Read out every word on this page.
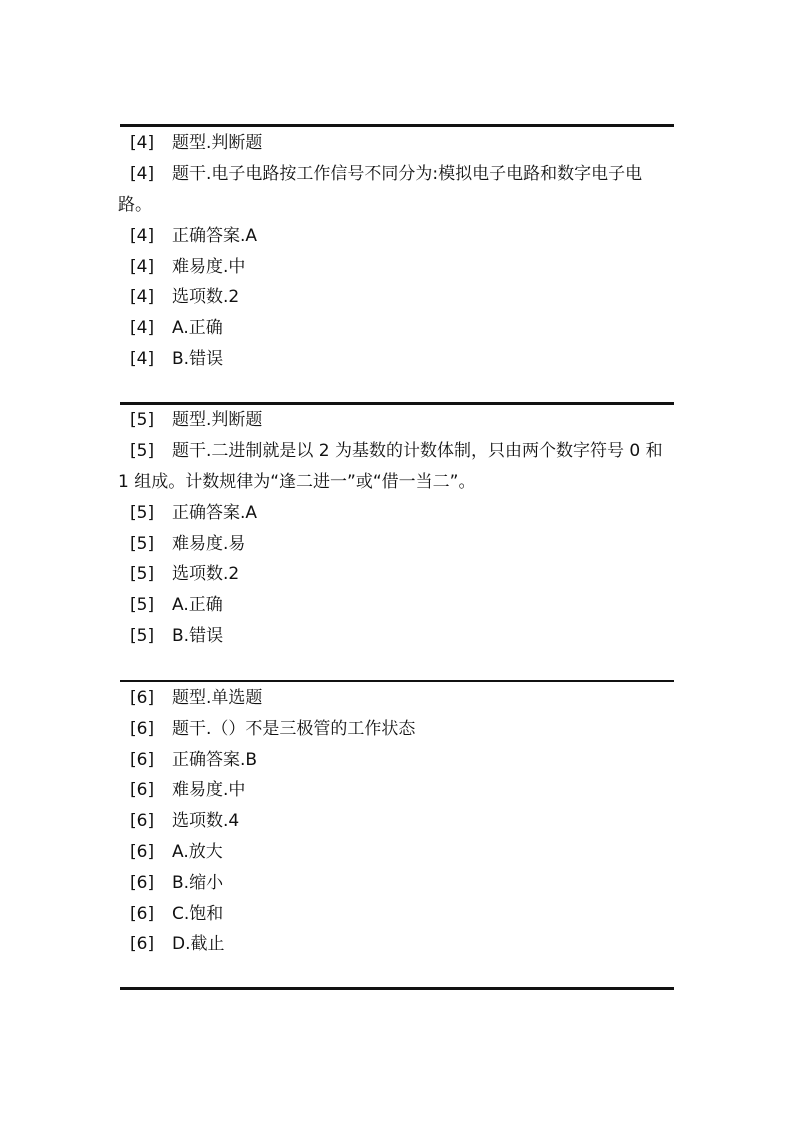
[4] 题型.判断题
[4] 题干.电子电路按工作信号不同分为:模拟电子电路和数字电子电路。
[4] 正确答案.A
[4] 难易度.中
[4] 选项数.2
[4] A.正确
[4] B.错误
[5] 题型.判断题
[5] 题干.二进制就是以 2 为基数的计数体制，只由两个数字符号 0 和 1 组成。计数规律为“逢二进一”或“借一当二”。
[5] 正确答案.A
[5] 难易度.易
[5] 选项数.2
[5] A.正确
[5] B.错误
[6] 题型.单选题
[6] 题干.（）不是三极管的工作状态
[6] 正确答案.B
[6] 难易度.中
[6] 选项数.4
[6] A.放大
[6] B.缩小
[6] C.饱和
[6] D.截止
